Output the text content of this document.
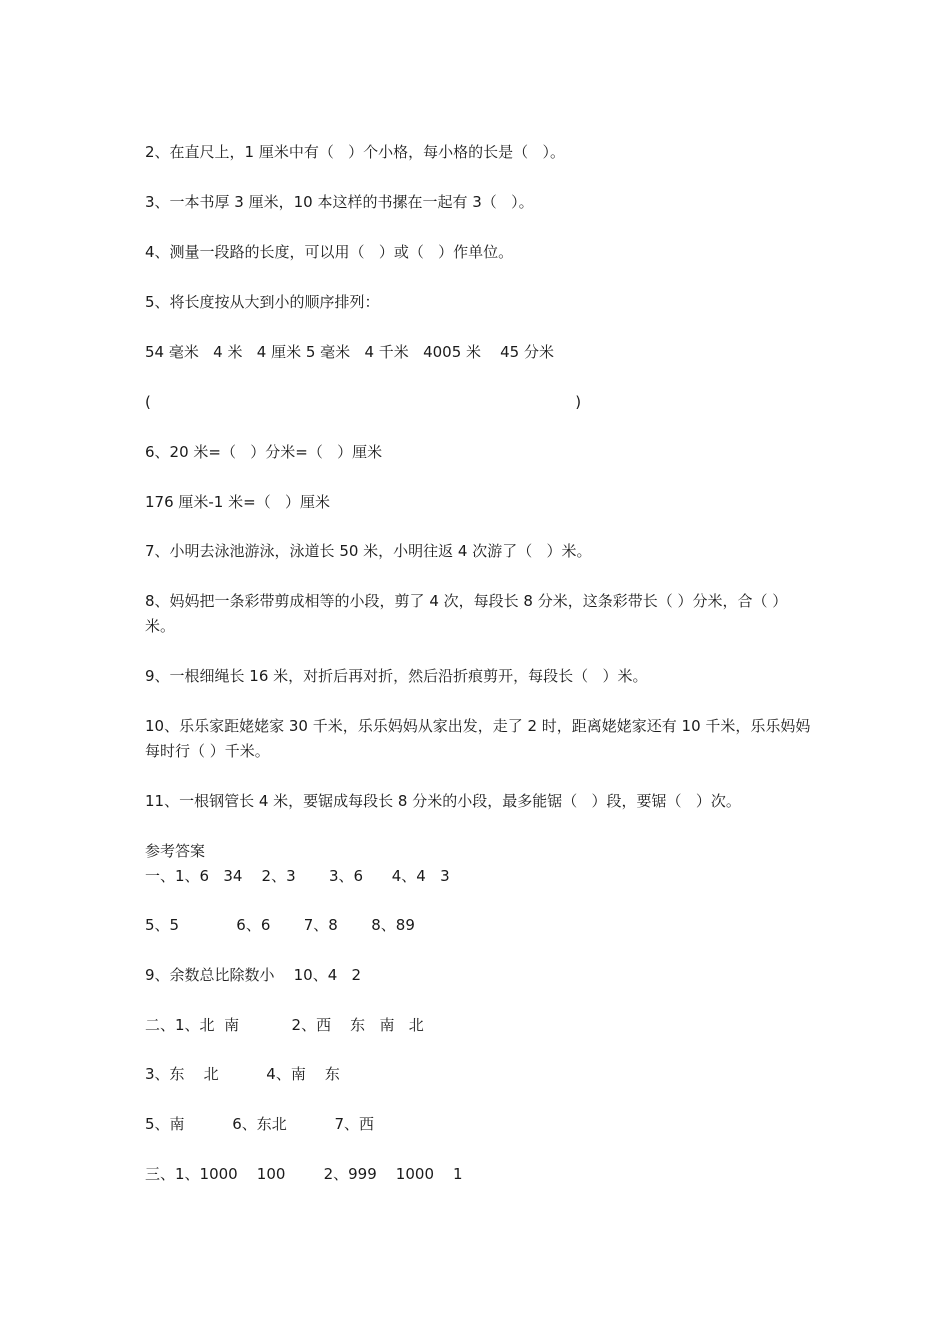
2、在直尺上，1 厘米中有（   ）个小格，每小格的长是（   ）。

3、一本书厚 3 厘米，10 本这样的书摞在一起有 3（   ）。

4、测量一段路的长度，可以用（   ）或（   ）作单位。

5、将长度按从大到小的顺序排列：

54 毫米   4 米   4 厘米 5 毫米   4 千米   4005 米    45 分米

(                                                                                         )

6、20 米=（   ）分米=（   ）厘米

176 厘米-1 米=（   ）厘米

7、小明去泳池游泳，泳道长 50 米，小明往返 4 次游了（   ）米。

8、妈妈把一条彩带剪成相等的小段，剪了 4 次，每段长 8 分米，这条彩带长（ ）分米，合（ ）米。

9、一根细绳长 16 米，对折后再对折，然后沿折痕剪开，每段长（   ）米。

10、乐乐家距姥姥家 30 千米，乐乐妈妈从家出发，走了 2 时，距离姥姥家还有 10 千米，乐乐妈妈每时行（ ）千米。

11、一根钢管长 4 米，要锯成每段长 8 分米的小段，最多能锯（   ）段，要锯（   ）次。

参考答案

一、1、6   34    2、3       3、6      4、4   3

5、5            6、6       7、8       8、89

9、余数总比除数小    10、4   2

二、1、北  南           2、西    东   南   北

3、东    北          4、南    东

5、南          6、东北          7、西

三、1、1000    100        2、999    1000    1
